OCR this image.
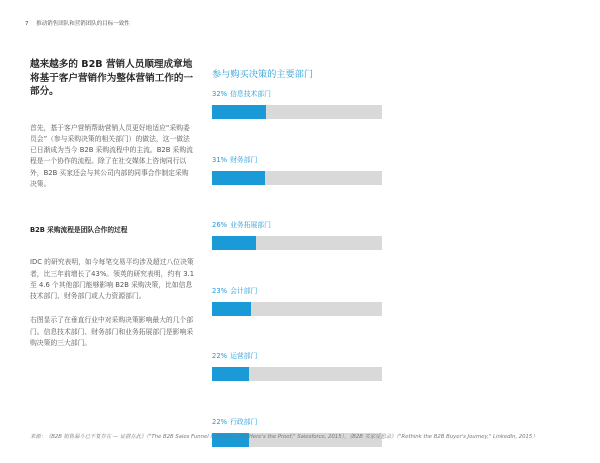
7 推动销售团队和营销团队的目标一致性

越来越多的 B2B 营销人员顺理成章地将基于客户营销作为整体营销工作的一部分。

首先，基于客户营销帮助营销人员更好地适应“采购委员会”（参与采购决策的相关部门）的做法，这一做法已日渐成为当今 B2B 采购流程中的主流。B2B 采购流程是一个协作的流程。除了在社交媒体上咨询同行以外，B2B 买家还会与其公司内部的同事合作制定采购决策。

B2B 采购流程是团队合作的过程

IDC 的研究表明，如今每笔交易平均涉及超过八位决策者，比三年前增长了43%。领英的研究表明，约有 3.1 至 4.6 个其他部门能够影响 B2B 采购决策，比如信息技术部门、财务部门或人力资源部门。

右图显示了在垂直行业中对采购决策影响最大的几个部门。信息技术部门、财务部门和业务拓展部门是影响采购决策的三大部门。

参与购买决策的主要部门

32% 信息技术部门
31% 财务部门
26% 业务拓展部门
23% 会计部门
22% 运营部门
22% 行政部门
来源：《B2B 销售漏斗已不复存在 — 证据在此》（"The B2B Sales Funnel is Dead —and Here's the Proof," Salesforce, 2015），《B2B 买家反思录》（"Rethink the B2B Buyer's Journey," LinkedIn, 2015）
